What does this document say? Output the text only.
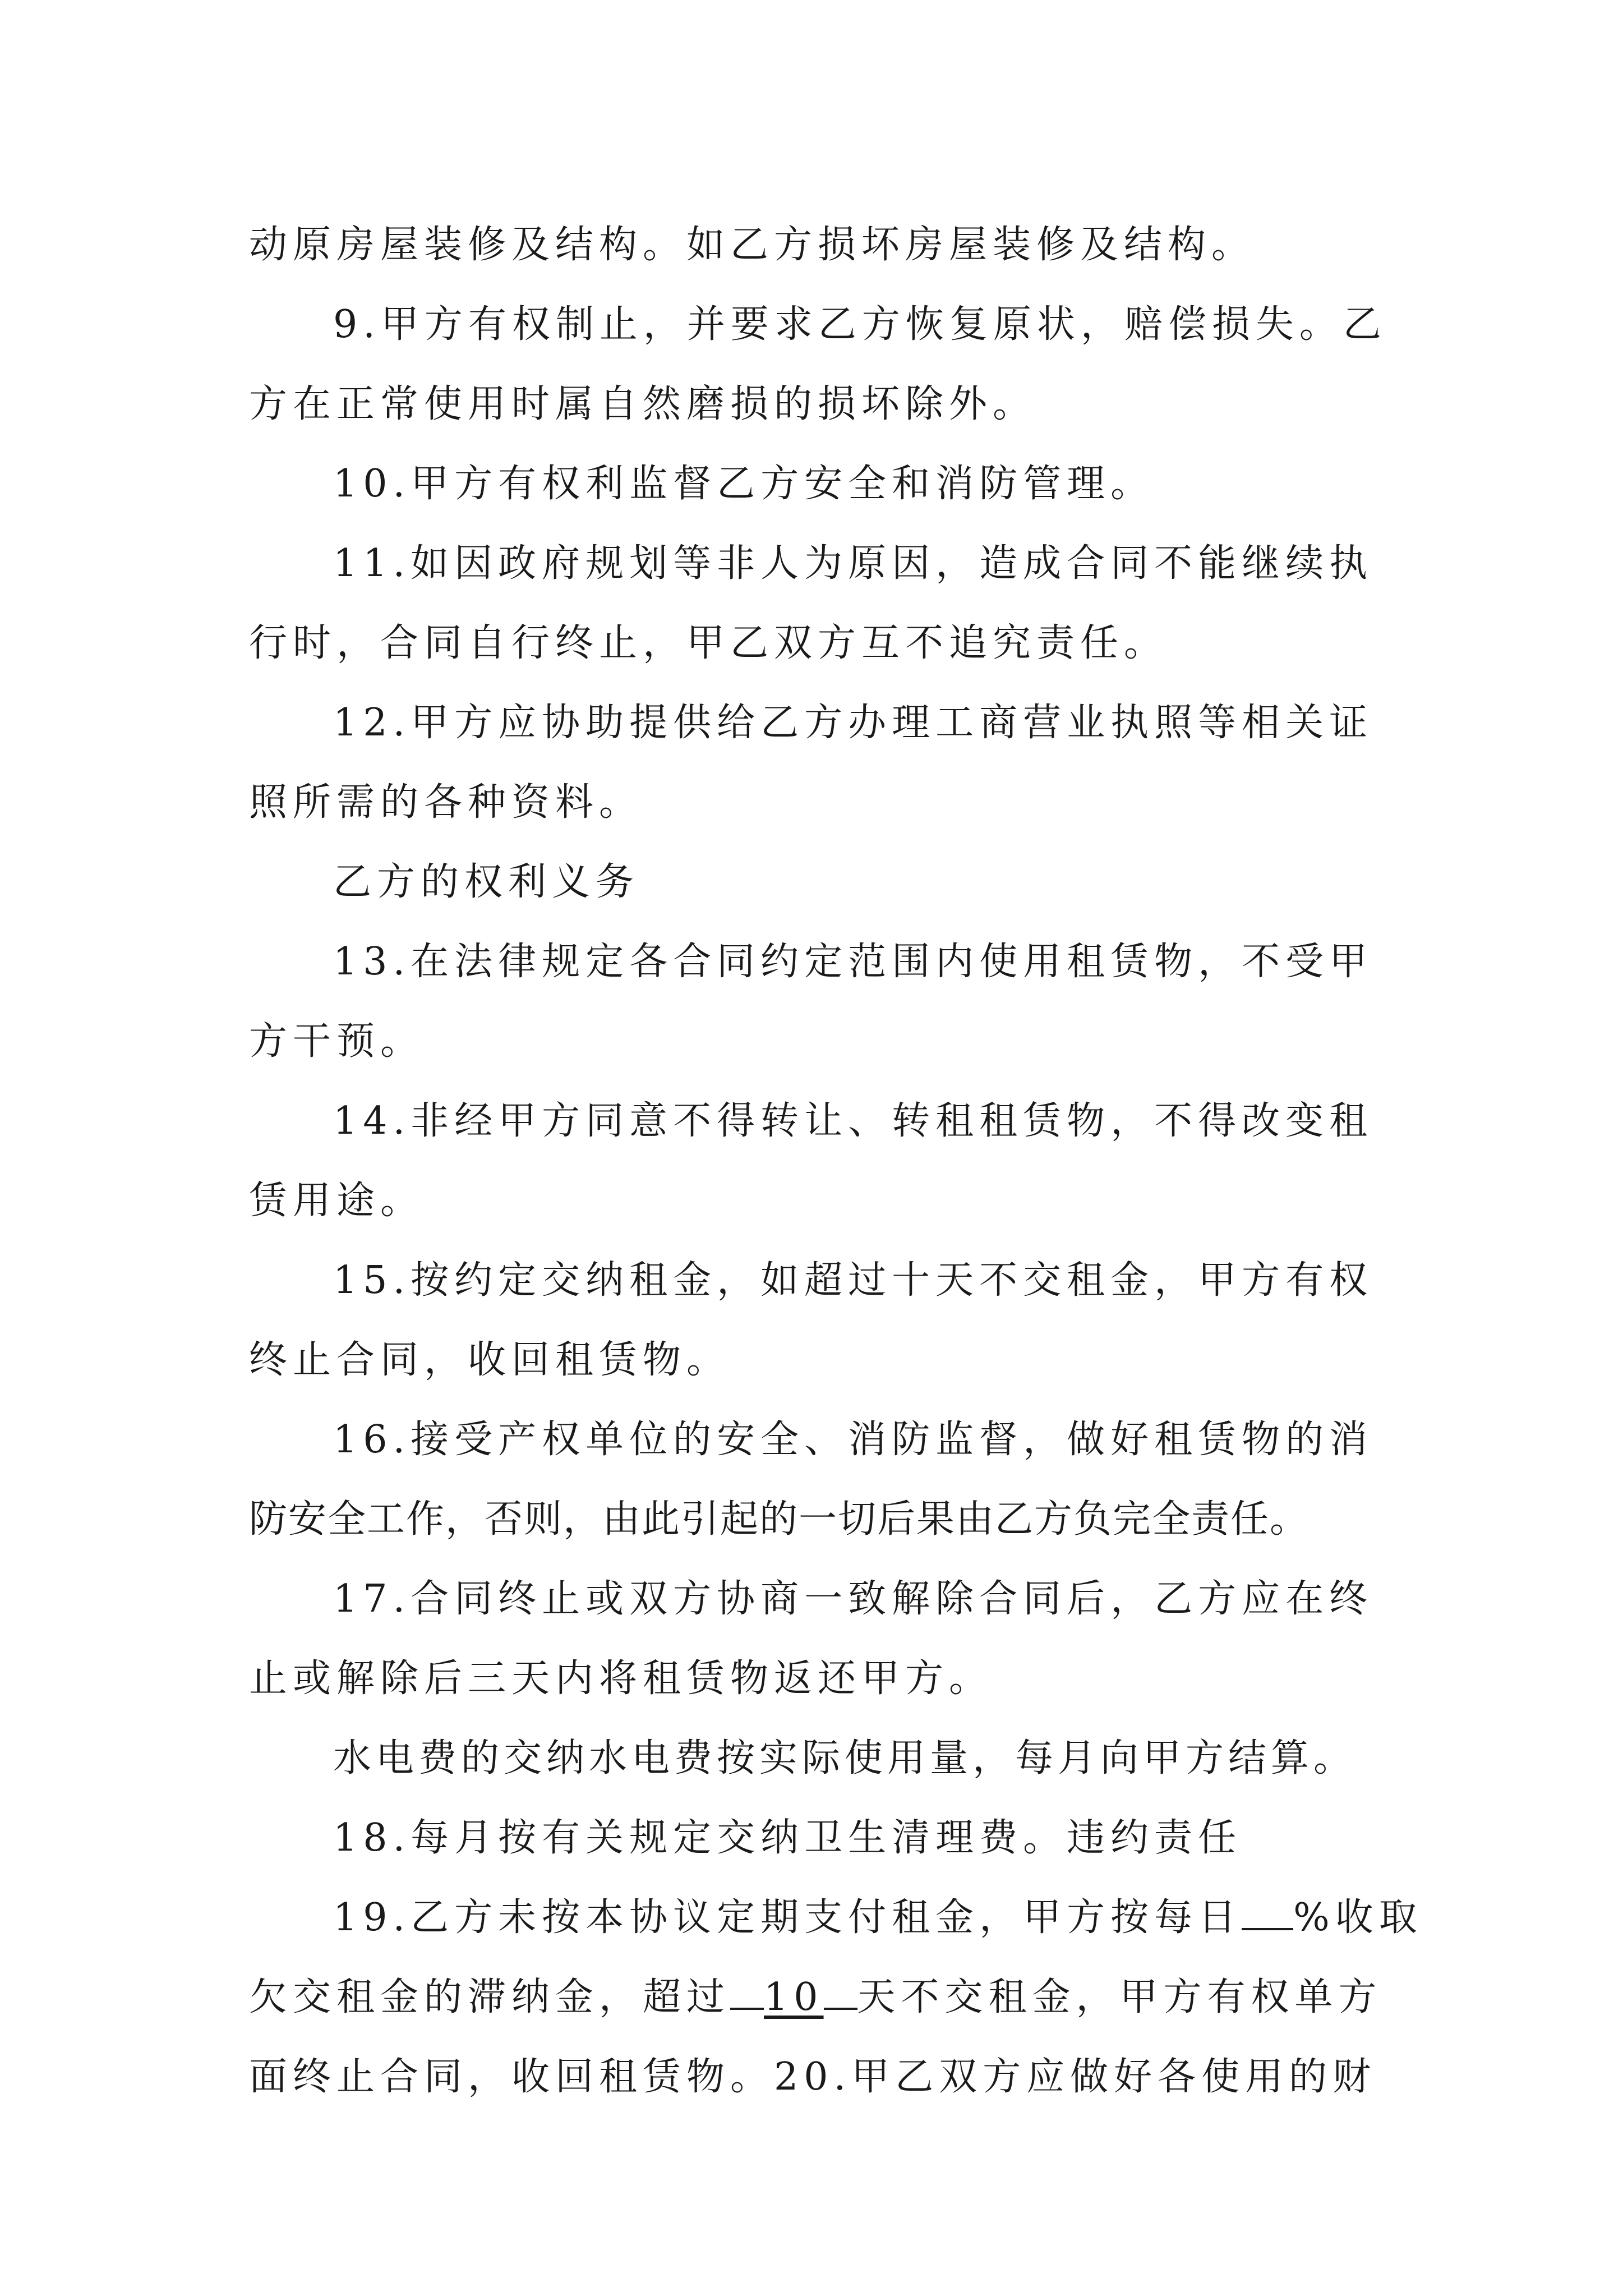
动原房屋装修及结构。如乙方损坏房屋装修及结构。
9.甲方有权制止，并要求乙方恢复原状，赔偿损失。乙
方在正常使用时属自然磨损的损坏除外。
10.甲方有权利监督乙方安全和消防管理。
11.如因政府规划等非人为原因，造成合同不能继续执
行时，合同自行终止，甲乙双方互不追究责任。
12.甲方应协助提供给乙方办理工商营业执照等相关证
照所需的各种资料。
乙方的权利义务
13.在法律规定各合同约定范围内使用租赁物，不受甲
方干预。
14.非经甲方同意不得转让、转租租赁物，不得改变租
赁用途。
15.按约定交纳租金，如超过十天不交租金，甲方有权
终止合同，收回租赁物。
16.接受产权单位的安全、消防监督，做好租赁物的消
防安全工作，否则，由此引起的一切后果由乙方负完全责任。
17.合同终止或双方协商一致解除合同后，乙方应在终
止或解除后三天内将租赁物返还甲方。
水电费的交纳水电费按实际使用量，每月向甲方结算。
18.每月按有关规定交纳卫生清理费。违约责任
19.乙方未按本协议定期支付租金，甲方按每日 %收取
欠交租金的滞纳金，超过 10 天不交租金，甲方有权单方
面终止合同，收回租赁物。20.甲乙双方应做好各使用的财
